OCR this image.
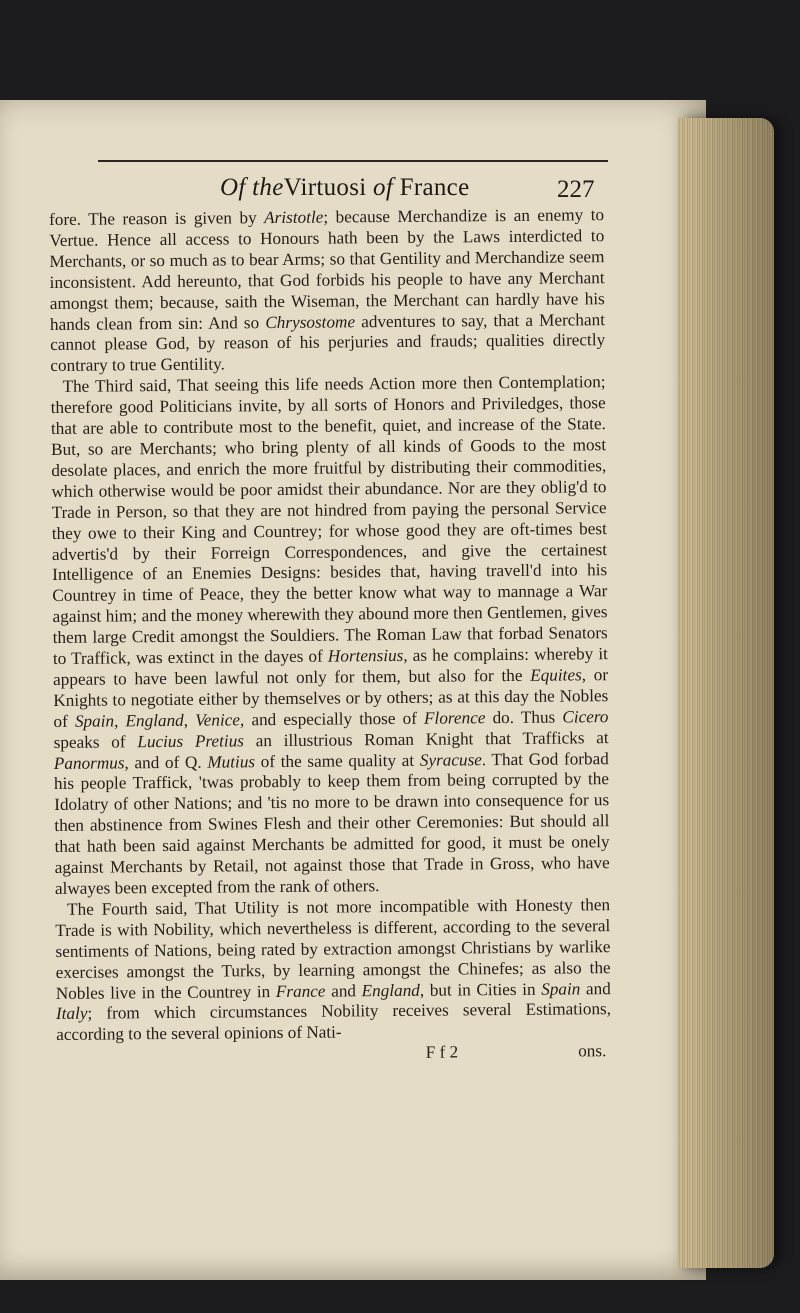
Of theVirtuosi of France	227

fore. The reason is given by Aristotle; because Merchandize is an enemy to Vertue. Hence all access to Honours hath been by the Laws interdicted to Merchants, or so much as to bear Arms; so that Gentility and Merchandize seem inconsistent. Add hereunto, that God forbids his people to have any Merchant amongst them; because, saith the Wiseman, the Merchant can hardly have his hands clean from sin: And so Chrysostome adventures to say, that a Merchant cannot please God, by reason of his perjuries and frauds; qualities directly contrary to true Gentility.

The Third said, That seeing this life needs Action more then Contemplation; therefore good Politicians invite, by all sorts of Honors and Priviledges, those that are able to contribute most to the benefit, quiet, and increase of the State. But, so are Merchants; who bring plenty of all kinds of Goods to the most desolate places, and enrich the more fruitful by distributing their commodities, which otherwise would be poor amidst their abundance. Nor are they oblig'd to Trade in Person, so that they are not hindred from paying the personal Service they owe to their King and Countrey; for whose good they are oft-times best advertis'd by their Forreign Correspondences, and give the certainest Intelligence of an Enemies Designs: besides that, having travell'd into his Countrey in time of Peace, they the better know what way to mannage a War against him; and the money wherewith they abound more then Gentlemen, gives them large Credit amongst the Souldiers. The Roman Law that forbad Senators to Traffick, was extinct in the dayes of Hortensius, as he complains: whereby it appears to have been lawful not only for them, but also for the Equites, or Knights to negotiate either by themselves or by others; as at this day the Nobles of Spain, England, Venice, and especially those of Florence do. Thus Cicero speaks of Lucius Pretius an illustrious Roman Knight that Trafficks at Panormus, and of Q. Mutius of the same quality at Syracuse. That God forbad his people Traffick, 'twas probably to keep them from being corrupted by the Idolatry of other Nations; and 'tis no more to be drawn into consequence for us then abstinence from Swines Flesh and their other Ceremonies: But should all that hath been said against Merchants be admitted for good, it must be onely against Merchants by Retail, not against those that Trade in Gross, who have alwayes been excepted from the rank of others.

The Fourth said, That Utility is not more incompatible with Honesty then Trade is with Nobility, which nevertheless is different, according to the several sentiments of Nations, being rated by extraction amongst Christians by warlike exercises amongst the Turks, by learning amongst the Chinefes; as also the Nobles live in the Countrey in France and England, but in Cities in Spain and Italy; from which circumstances Nobility receives several Estimations, according to the several opinions of Nati-

F f 2	ons.
